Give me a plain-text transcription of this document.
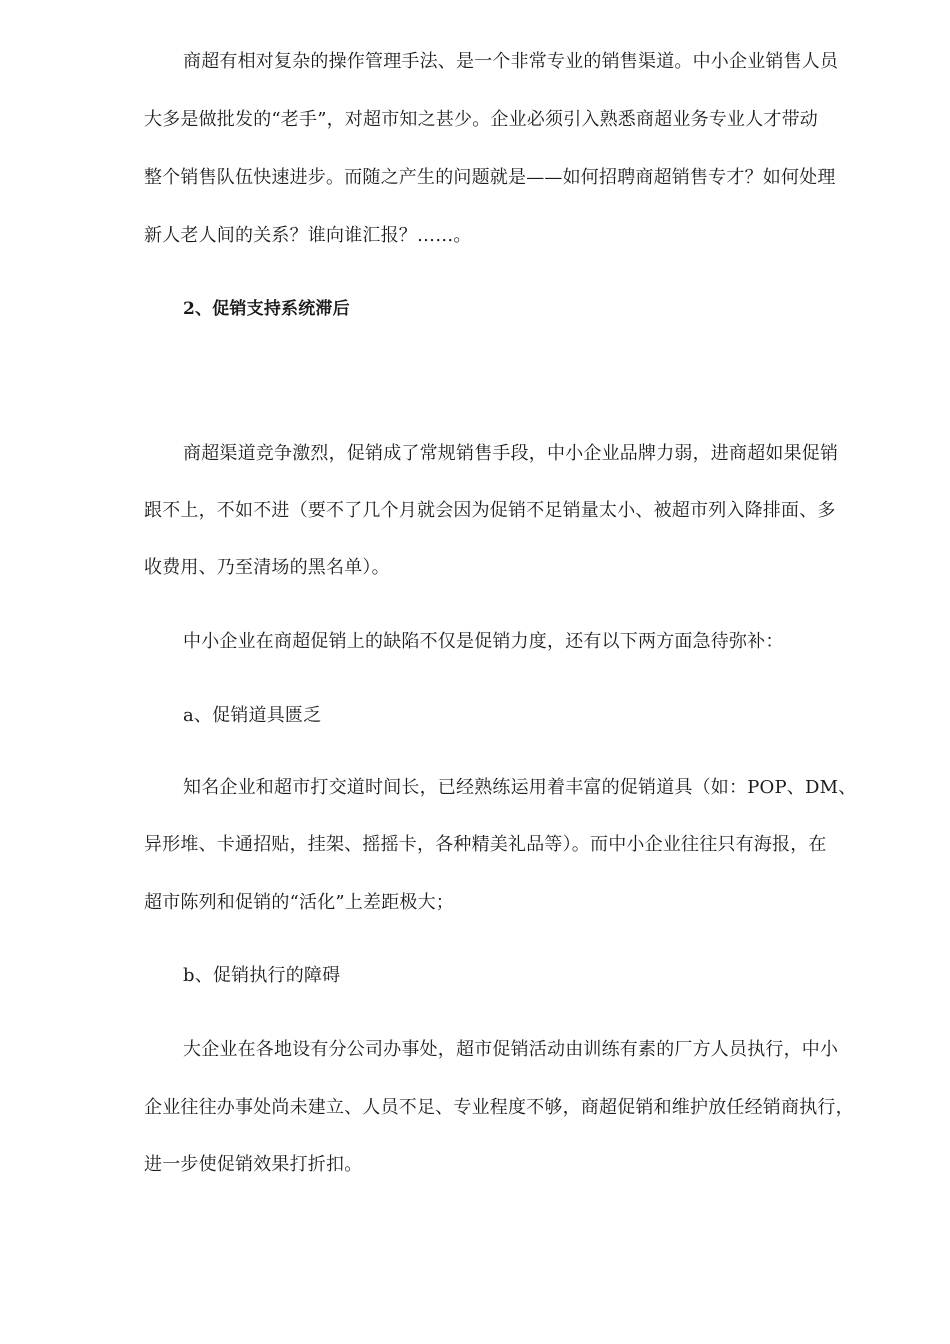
商超有相对复杂的操作管理手法、是一个非常专业的销售渠道。中小企业销售人员
大多是做批发的“老手”，对超市知之甚少。企业必须引入熟悉商超业务专业人才带动
整个销售队伍快速进步。而随之产生的问题就是——如何招聘商超销售专才？如何处理
新人老人间的关系？谁向谁汇报？……。
2、促销支持系统滞后
商超渠道竞争激烈，促销成了常规销售手段，中小企业品牌力弱，进商超如果促销
跟不上，不如不进（要不了几个月就会因为促销不足销量太小、被超市列入降排面、多
收费用、乃至清场的黑名单）。
中小企业在商超促销上的缺陷不仅是促销力度，还有以下两方面急待弥补：
a、促销道具匮乏
知名企业和超市打交道时间长，已经熟练运用着丰富的促销道具（如：POP、DM、
异形堆、卡通招贴，挂架、摇摇卡，各种精美礼品等）。而中小企业往往只有海报，在
超市陈列和促销的“活化”上差距极大；
b、促销执行的障碍
大企业在各地设有分公司办事处，超市促销活动由训练有素的厂方人员执行，中小
企业往往办事处尚未建立、人员不足、专业程度不够，商超促销和维护放任经销商执行，
进一步使促销效果打折扣。
